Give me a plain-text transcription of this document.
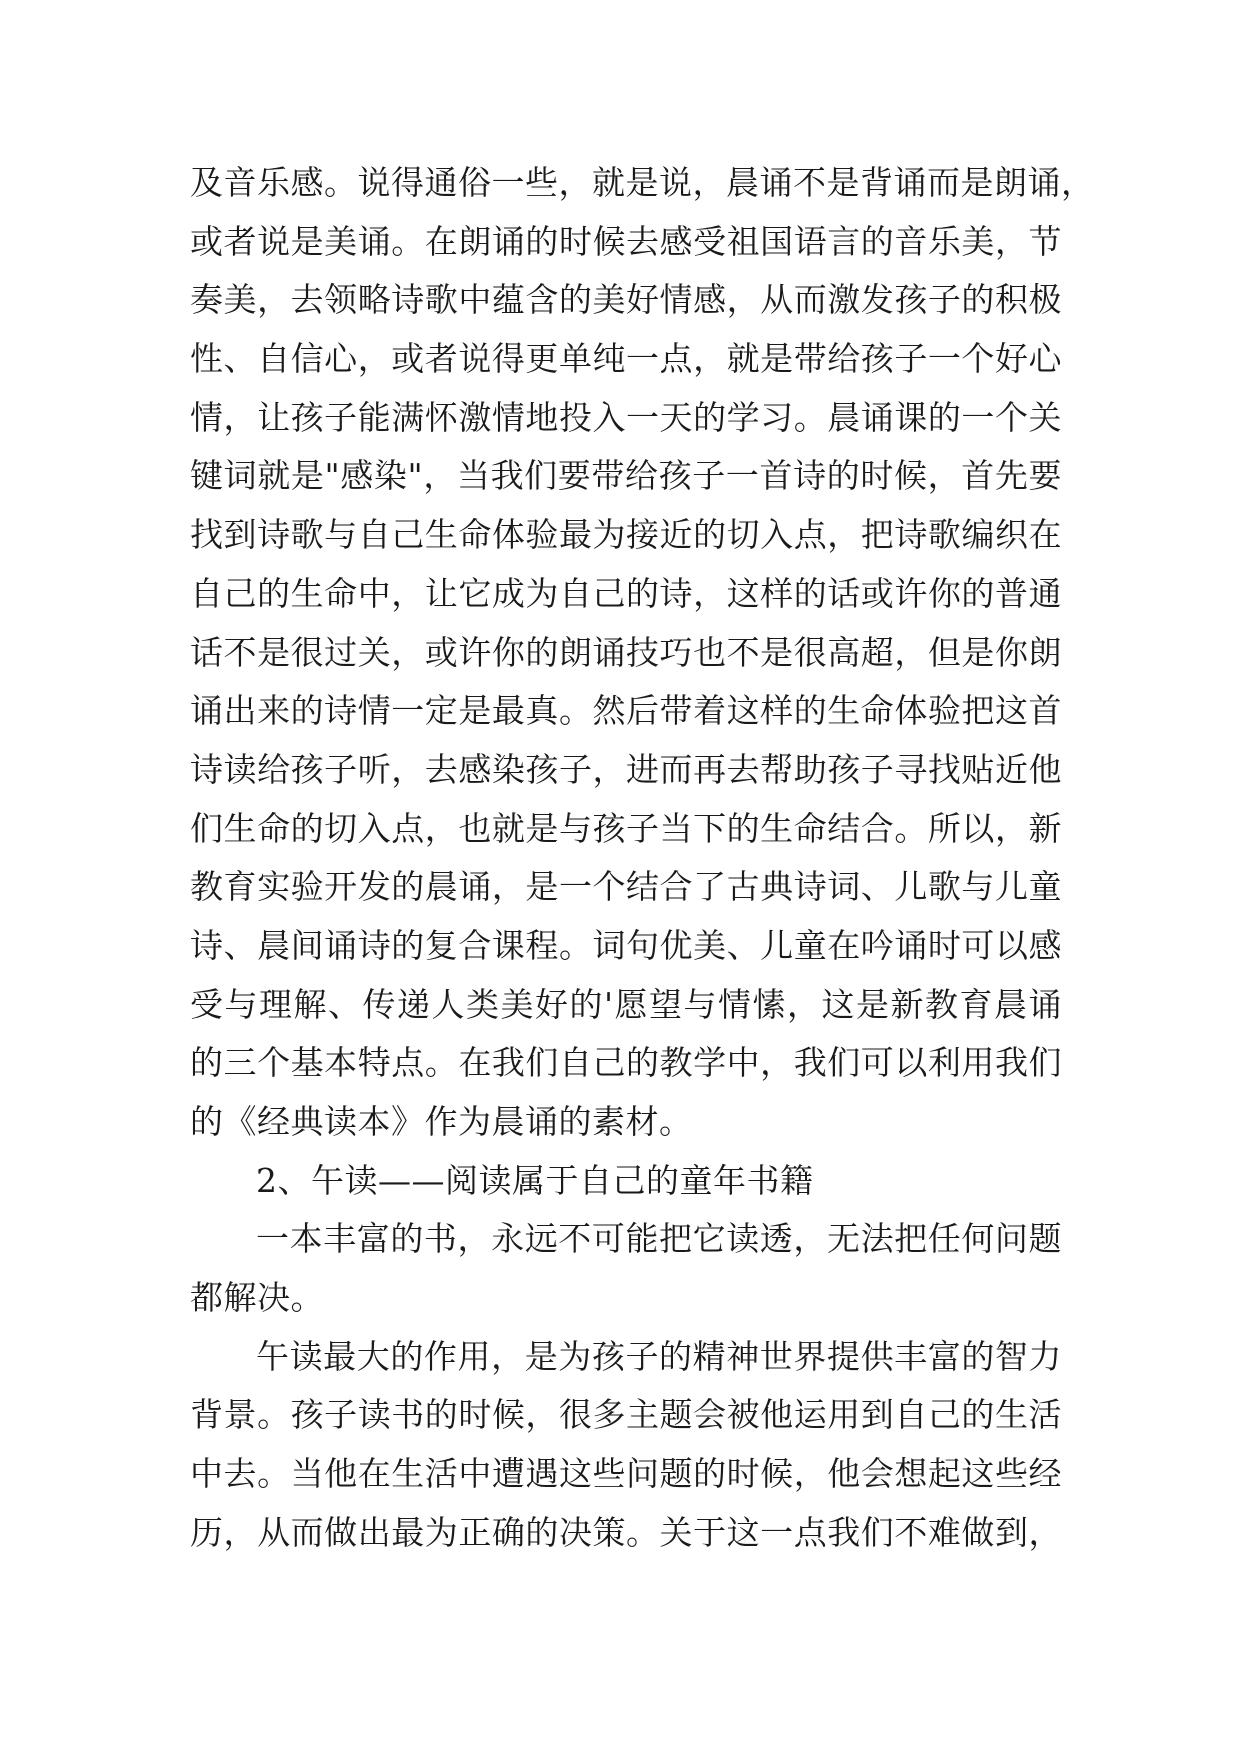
及音乐感。说得通俗一些，就是说，晨诵不是背诵而是朗诵，
或者说是美诵。在朗诵的时候去感受祖国语言的音乐美，节
奏美，去领略诗歌中蕴含的美好情感，从而激发孩子的积极
性、自信心，或者说得更单纯一点，就是带给孩子一个好心
情，让孩子能满怀激情地投入一天的学习。晨诵课的一个关
键词就是"感染"，当我们要带给孩子一首诗的时候，首先要
找到诗歌与自己生命体验最为接近的切入点，把诗歌编织在
自己的生命中，让它成为自己的诗，这样的话或许你的普通
话不是很过关，或许你的朗诵技巧也不是很高超，但是你朗
诵出来的诗情一定是最真。然后带着这样的生命体验把这首
诗读给孩子听，去感染孩子，进而再去帮助孩子寻找贴近他
们生命的切入点，也就是与孩子当下的生命结合。所以，新
教育实验开发的晨诵，是一个结合了古典诗词、儿歌与儿童
诗、晨间诵诗的复合课程。词句优美、儿童在吟诵时可以感
受与理解、传递人类美好的'愿望与情愫，这是新教育晨诵
的三个基本特点。在我们自己的教学中，我们可以利用我们
的《经典读本》作为晨诵的素材。
2、午读——阅读属于自己的童年书籍
一本丰富的书，永远不可能把它读透，无法把任何问题
都解决。
午读最大的作用，是为孩子的精神世界提供丰富的智力
背景。孩子读书的时候，很多主题会被他运用到自己的生活
中去。当他在生活中遭遇这些问题的时候，他会想起这些经
历，从而做出最为正确的决策。关于这一点我们不难做到，
